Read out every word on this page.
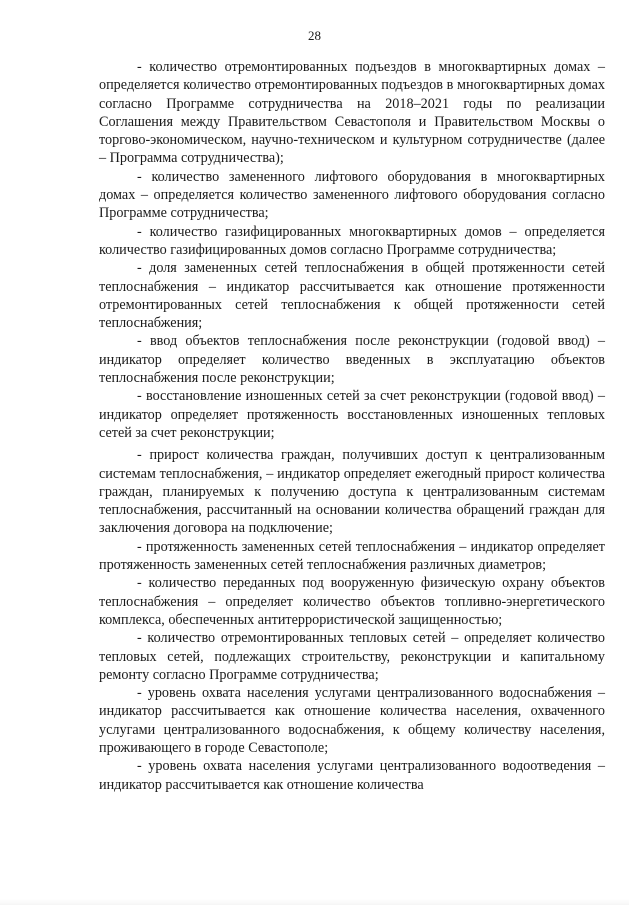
28

- количество отремонтированных подъездов в многоквартирных домах – определяется количество отремонтированных подъездов в многоквартирных домах согласно Программе сотрудничества на 2018–2021 годы по реализации Соглашения между Правительством Севастополя и Правительством Москвы о торгово-экономическом, научно-техническом и культурном сотрудничестве (далее – Программа сотрудничества);

- количество замененного лифтового оборудования в многоквартирных домах – определяется количество замененного лифтового оборудования согласно Программе сотрудничества;

- количество газифицированных многоквартирных домов – определяется количество газифицированных домов согласно Программе сотрудничества;

- доля замененных сетей теплоснабжения в общей протяженности сетей теплоснабжения – индикатор рассчитывается как отношение протяженности отремонтированных сетей теплоснабжения к общей протяженности сетей теплоснабжения;

- ввод объектов теплоснабжения после реконструкции (годовой ввод) – индикатор определяет количество введенных в эксплуатацию объектов теплоснабжения после реконструкции;

- восстановление изношенных сетей за счет реконструкции (годовой ввод) – индикатор определяет протяженность восстановленных изношенных тепловых сетей за счет реконструкции;

- прирост количества граждан, получивших доступ к централизованным системам теплоснабжения, – индикатор определяет ежегодный прирост количества граждан, планируемых к получению доступа к централизованным системам теплоснабжения, рассчитанный на основании количества обращений граждан для заключения договора на подключение;

- протяженность замененных сетей теплоснабжения – индикатор определяет протяженность замененных сетей теплоснабжения различных диаметров;

- количество переданных под вооруженную физическую охрану объектов теплоснабжения – определяет количество объектов топливно-энергетического комплекса, обеспеченных антитеррористической защищенностью;

- количество отремонтированных тепловых сетей – определяет количество тепловых сетей, подлежащих строительству, реконструкции и капитальному ремонту согласно Программе сотрудничества;

- уровень охвата населения услугами централизованного водоснабжения – индикатор рассчитывается как отношение количества населения, охваченного услугами централизованного водоснабжения, к общему количеству населения, проживающего в городе Севастополе;

- уровень охвата населения услугами централизованного водоотведения – индикатор рассчитывается как отношение количества
